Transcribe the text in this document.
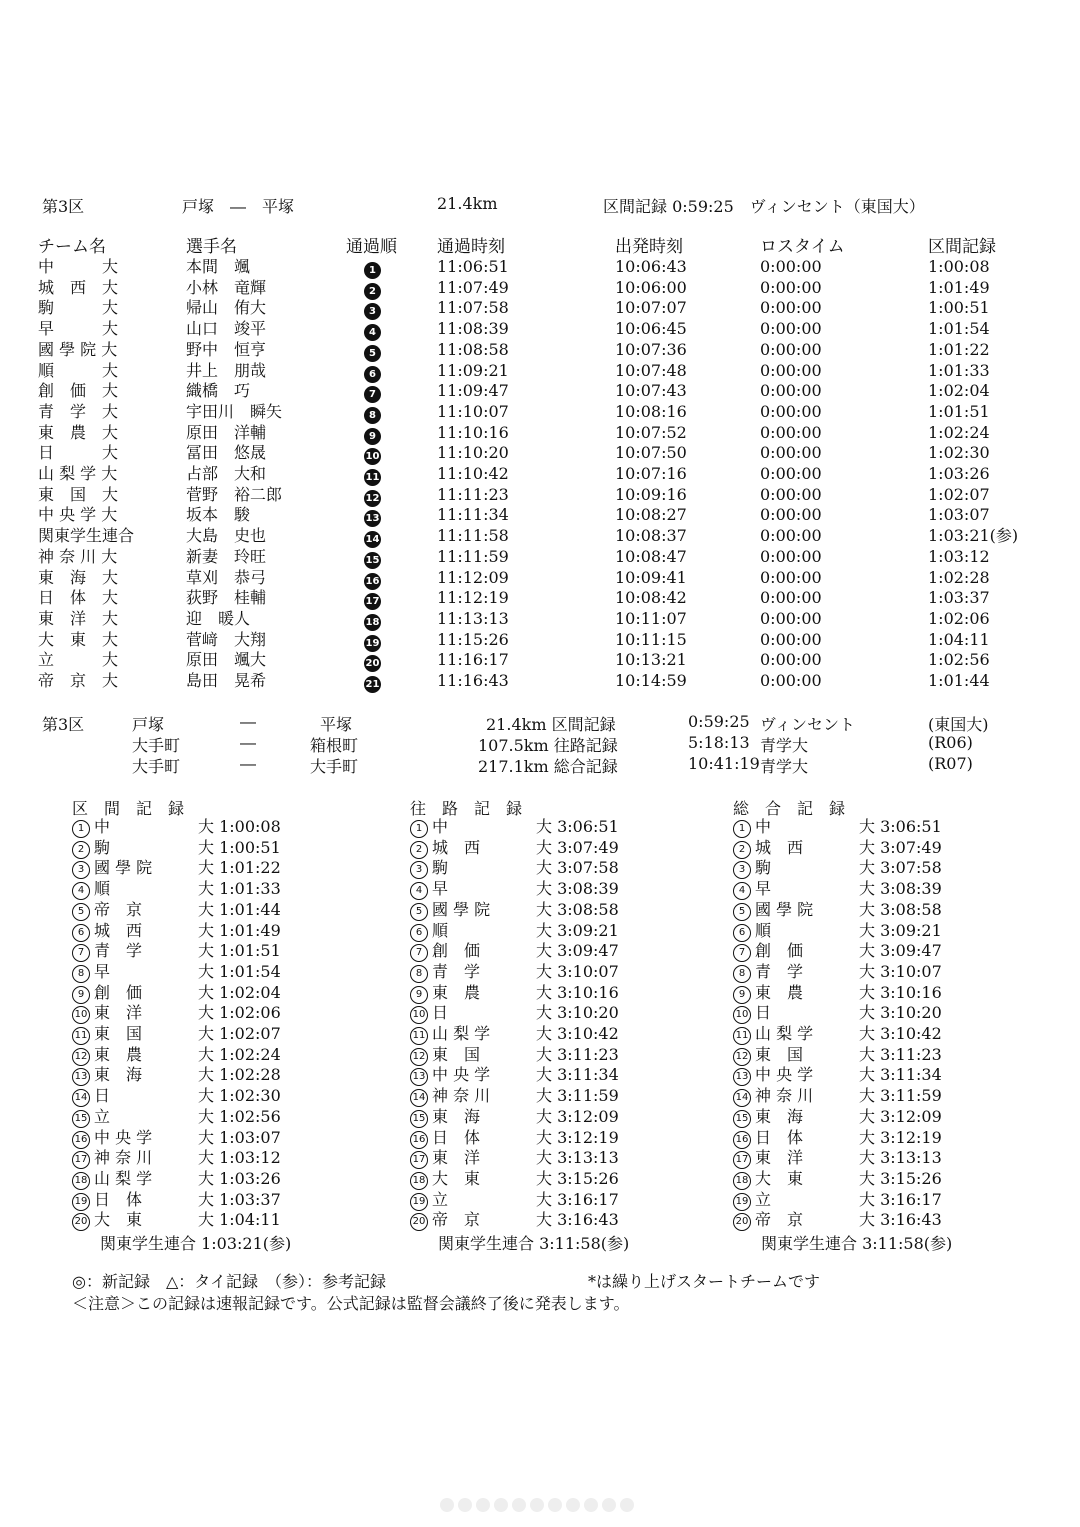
第3区	戸塚　―　平塚	21.4km	区間記録 0:59:25　ヴィンセント（東国大）
チーム名	選手名	通過順 通過時刻	出発時刻	ロスタイム	区間記録
中　　　大	本間　颯	1	11:06:51	10:06:43	0:00:00	1:00:08
城　西　大	小林　竜輝	2	11:07:49	10:06:00	0:00:00	1:01:49
駒　　　大	帰山　侑大	3	11:07:58	10:07:07	0:00:00	1:00:51
早　　　大	山口　竣平	4	11:08:39	10:06:45	0:00:00	1:01:54
國 學 院 大	野中　恒亨	5	11:08:58	10:07:36	0:00:00	1:01:22
順　　　大	井上　朋哉	6	11:09:21	10:07:48	0:00:00	1:01:33
創　価　大	織橋　巧	7	11:09:47	10:07:43	0:00:00	1:02:04
青　学　大	宇田川　瞬矢	8	11:10:07	10:08:16	0:00:00	1:01:51
東　農　大	原田　洋輔	9	11:10:16	10:07:52	0:00:00	1:02:24
日　　　大	冨田　悠晟	10	11:10:20	10:07:50	0:00:00	1:02:30
山 梨 学 大	占部　大和	11	11:10:42	10:07:16	0:00:00	1:03:26
東　国　大	菅野　裕二郎	12	11:11:23	10:09:16	0:00:00	1:02:07
中 央 学 大	坂本　駿	13	11:11:34	10:08:27	0:00:00	1:03:07
関東学生連合	大島　史也	14	11:11:58	10:08:37	0:00:00	1:03:21(参)
神 奈 川 大	新妻　玲旺	15	11:11:59	10:08:47	0:00:00	1:03:12
東　海　大	草刈　恭弓	16	11:12:09	10:09:41	0:00:00	1:02:28
日　体　大	荻野　桂輔	17	11:12:19	10:08:42	0:00:00	1:03:37
東　洋　大	迎　暖人	18	11:13:13	10:11:07	0:00:00	1:02:06
大　東　大	菅﨑　大翔	19	11:15:26	10:11:15	0:00:00	1:04:11
立　　　大	原田　颯大	20	11:16:17	10:13:21	0:00:00	1:02:56
帝　京　大	島田　晃希	21	11:16:43	10:14:59	0:00:00	1:01:44
第3区	戸塚	―	平塚	21.4km 区間記録	0:59:25 ヴィンセント	(東国大)
大手町	―	箱根町	107.5km 往路記録	5:18:13 青学大	(R06)
大手町	―	大手町	217.1km 総合記録	10:41:19 青学大	(R07)
区　間　記　録
1 中　　　大 1:00:08
2 駒　　　大 1:00:51
3 國 學 院	大 1:01:22
4 順　　　大 1:01:33
5 帝　京　大 1:01:44
6 城　西　大 1:01:49
7 青　学　大 1:01:51
8 早　　　大 1:01:54
9 創　価　大 1:02:04
10 東　洋　大 1:02:06
11 東　国　大 1:02:07
12 東　農　大 1:02:24
13 東　海　大 1:02:28
14 日　　　大 1:02:30
15 立　　　大 1:02:56
16 中 央 学	大 1:03:07
17 神 奈 川	大 1:03:12
18 山 梨 学	大 1:03:26
19 日　体　大 1:03:37
20 大　東　大 1:04:11
関東学生連合 1:03:21(参)
往　路　記　録
1 中　　　大 3:06:51
2 城　西　大 3:07:49
3 駒　　　大 3:07:58
4 早　　　大 3:08:39
5 國 學 院	大 3:08:58
6 順　　　大 3:09:21
7 創　価　大 3:09:47
8 青　学　大 3:10:07
9 東　農　大 3:10:16
10 日　　　大 3:10:20
11 山 梨 学	大 3:10:42
12 東　国　大 3:11:23
13 中 央 学	大 3:11:34
14 神 奈 川	大 3:11:59
15 東　海　大 3:12:09
16 日　体　大 3:12:19
17 東　洋　大 3:13:13
18 大　東　大 3:15:26
19 立　　　大 3:16:17
20 帝　京　大 3:16:43
関東学生連合 3:11:58(参)
総　合　記　録
1 中　　　大 3:06:51
2 城　西　大 3:07:49
3 駒　　　大 3:07:58
4 早　　　大 3:08:39
5 國 學 院	大 3:08:58
6 順　　　大 3:09:21
7 創　価　大 3:09:47
8 青　学　大 3:10:07
9 東　農　大 3:10:16
10 日　　　大 3:10:20
11 山 梨 学	大 3:10:42
12 東　国　大 3:11:23
13 中 央 学	大 3:11:34
14 神 奈 川	大 3:11:59
15 東　海　大 3:12:09
16 日　体　大 3:12:19
17 東　洋　大 3:13:13
18 大　東　大 3:15:26
19 立　　　大 3:16:17
20 帝　京　大 3:16:43
関東学生連合 3:11:58(参)
◎：新記録　△：タイ記録　（参）：参考記録	*は繰り上げスタートチームです
＜注意＞この記録は速報記録です。公式記録は監督会議終了後に発表します。
